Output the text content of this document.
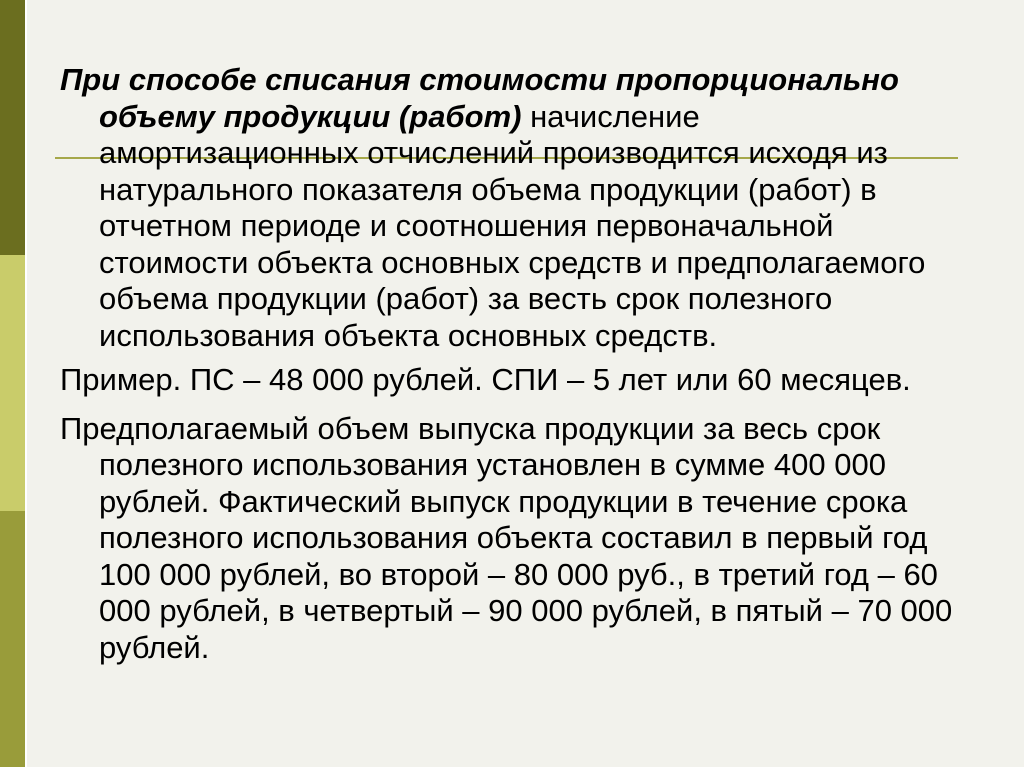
При способе списания стоимости пропорционально объему продукции (работ) начисление амортизационных отчислений производится исходя из натурального показателя объема продукции (работ) в отчетном периоде и соотношения первоначальной стоимости объекта основных средств и предполагаемого объема продукции (работ) за весть срок полезного использования объекта основных средств.

Пример. ПС – 48 000 рублей. СПИ – 5 лет или 60 месяцев.

Предполагаемый объем выпуска продукции за весь срок полезного использования установлен в сумме 400 000 рублей. Фактический выпуск продукции в течение срока полезного использования объекта составил в первый год 100 000 рублей, во второй – 80 000 руб., в третий год – 60 000 рублей, в четвертый – 90 000 рублей, в пятый – 70 000 рублей.
